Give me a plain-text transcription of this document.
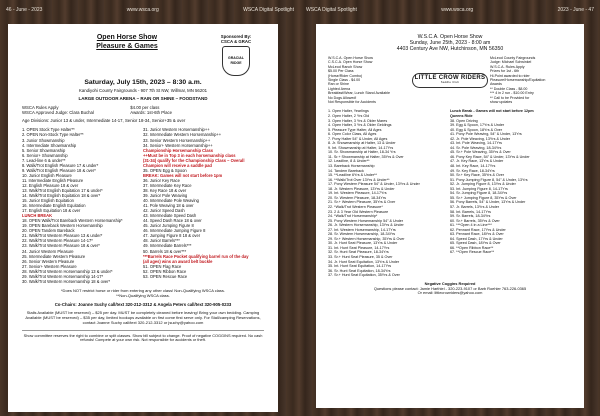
46 - June - 2023	www.wsca.org	WSCA Digital Spotlight WSCA Digital Spotlight	www.wsca.org	2023 - June - 47
Open Horse Show
Pleasure & Games
Sponsored By:
CSCA & GRAC
GRACIAL RIDGE
Saturday, July 15th, 2023 – 8:30 a.m.
Kandiyohi County Fairgrounds - 907 7th St NW, Willmar, MN 56201
LARGE OUTDOOR ARENA – RAIN OR SHINE – FOODSTAND
WSCA Rules Apply
WSCA Approved Judge: Clara Buchal
$4.00 per class
Awards: 1st-6th Place
Age Divisions: Junior 13 & under, Intermediate 14-17, Senior 18-34, Senior+35 & over
1. OPEN Stock Type Halter**
2. OPEN Non-Stock Type Halter**
3. Junior Showmanship
4. Intermediate Showmanship
5. Senior Showmanship
6. Senior+ Showmanship
7. Lead-line 6 & under**
8. Walk/Trot English Pleasure 17 & under*
9. Walk/Trot English Pleasure 18 & over*
10. Junior English Pleasure
11. Intermediate English Pleasure
12. English Pleasure 18 & over
13. Walk/Trot English Equitation 17 & under*
14. Walk/Trot English Equitation 18 & over*
15. Junior English Equitation
16. Intermediate English Equitation
17. English Equitation 18 & over
LUNCH BREAK
18. OPEN Walk/Trot Bareback Western Horsemanship*
19. OPEN Bareback Western Horsemanship
20. OPEN Tandem Bareback
21. Walk/Trot Western Pleasure 13 & under*
22. Walk/Trot Western Pleasure 14-17*
23. Walk/Trot Western Pleasure 18 & over*
24. Junior Western Pleasure
25. Intermediate Western Pleasure
26. Senior Western Pleasure
27. Senior+ Western Pleasure
28. Walk/Trot Western Horsemanship 13 & under*
29. Walk/Trot Western Horsemanship 14-17*
30. Walk/Trot Western Horsemanship 18 & over*
31. Junior Western Horsemanship++
32. Intermediate Western Horsemanship++
33. Senior Western Horsemanship++
34. Senior+ Western Horsemanship++
Championship Horsemanship Class
++Must be in Top 3 in each horsemanship class
(31-34) qualify for the Championship Class – Overall
Champion will receive a saddle pad
35. OPEN Egg & Spoon
BREAK: Games will not start before 1pm
36. Junior Key Race
37. Intermediate Key Race
38. Key Race 18 & over
39. Junior Pole Weaving
40. Intermediate Pole Weaving
41. Pole Weaving 18 & over
42. Junior Speed Dash
43. Intermediate Speed Dash
44. Speed Dash Race 18 & over
45. Junior Jumping Figure 8
46. Intermediate Jumping Figure 8
47. Jumping Figure 8 18 & over
48. Junior Barrels***
49. Intermediate Barrels***
50. Barrels 18 & over***
***Barrels Race Pocket qualifying barrel run of the day
(all ages) wins an award belt buckle
51. OPEN Flag Race
52. OPEN Ribbon Race
53. OPEN Rescue Race
*Does NOT restrict horse or rider from entering any other class! Non-Qualifying WSCA class.
**Non-Qualifying WSCA class.
Co-Chairs: Joanne Suchy call/text 320-212-3312 & Angela Peters call/text 320-905-0233
Stalls Available (MUST be reserved) – $25 per day. MUST be completely cleaned before leaving! Bring your own bedding. Camping Available (MUST be reserved) – $35 per day, limited hookups available on first come first serve only. For Stall/camping Reservations, contact Joanne Suchy call/text 320-212-3312 or jsuchy@yahoo.com
Show committee reserves the right to combine or split classes. Show bill subject to change. Proof of negative COGGINS required. No cash refunds! Compete at your own risk. Not responsible for accidents or theft.
W.S.C.A. Open Horse Show
Sunday, June 25th, 2023 - 8:00 am
4403 Century Ave NW, Hutchinson, MN 56350
W.S.C.A. Open Horse Show
C.S.C.A. Open Horse Show
McLeod Ranch Show
$5.00 Per Class
(Horse/Rider Combo)
Single Class - $4.00
Ran or Shine
Lighted Arena
Breakfast/Wear, Lunch Stand Available
No Dogs Allowed!
Not Responsible for Accidents
LITTLE CROW RIDERS
Saddle Club
McLeod County Fairgrounds
Judge: Michael Schwinkel
W.S.C.A. Rules Apply
Prizes for 1st - 6th
Hi-Point awarded to rider
Pleasure/Horsemanship/Equitation
Awards
** Double Class - $8.00
*** 4 in 2 run - $10.00 Entry
** Call to be Provided for
show updates
1. Open Halter, Yearlings
2. Open Halter, 2 Yrs Old
3. Open Halter, 3 Yrs & Older Mares
4. Open Halter, 3 Yrs & Older Geldings
5. Pleasure Type Halter, All Ages
6. Open Color Class, All Ages
7. Pony Halter 54" & Under, All Ages
8. Jr. Showmanship at Halter, 13 & Under
9. Int. Showmanship at Halter, 14-17Yrs
10. Sr. Showmanship at Halter, 18-34 Yrs
11. Sr.+ Showmanship at Halter, 35Yrs & Over
12. Leadline, 8 & Under**
13. Bareback Horsemanship
14. Tandem Bareback
15. **Leadline 6Yrs & Under**
16. **Walk/Trot Over 13Yrs & Under**
17. Pony Western Pleasure 54" & Under, 13Yrs & Under
18. Jr. Western Pleasure, 13Yrs & Under
19. Int. Western Pleasure, 14-17Yrs
20. Sr. Western Pleasure, 18-34Yrs
21. Sr.+ Western Pleasure, 35Yrs & Over
22. *Walk/Trot Western Pleasure*
23. 2 & 3 Year Old Western Pleasure
24. *Walk/Trot Horsemanship*
25. Pony Western Horsemanship 54" & Under
26. Jr. Western Horsemanship, 13Yrs & Under
27. Int. Western Horsemanship, 14-17Yrs
28. Sr. Western Horsemanship, 18-34Yrs
29. Sr.+ Western Horsemanship, 35Yrs & Over
30. Jr. Hunt Seat Pleasure, 13Yrs & Under
31. Int. Hunt Seat Pleasure, 14-17Yrs
32. Sr. Hunt Seat Pleasure, 18-34Yrs
33. Sr.+ Hunt Seat Pleasure, 35 & Over
34. Jr. Hunt Seat Equitation, 13Yrs & Under
35. Int. Hunt Seat Equitation, 14-17Yrs
36. Sr. Hunt Seat Equitation, 18-34Yrs
37. Sr.+ Hunt Seat Equitation, 35Yrs & Over
Lunch Break - Games will not start before 12pm
Queens Ride
38. Open Driving
39. Egg & Spoon, 17Yrs & Under
40. Egg & Spoon, 18Yrs & Over
41. Pony Pole Weaving, 54" & Under, 13Yrs
42. Jr. Pole Weaving, 13Yrs & Under
43. Int. Pole Weaving, 14-17Yrs
44. Sr. Pole Weaving, 18-34Yrs
45. Sr.+ Pole Weaving, 35Yrs & Over
46. Pony Key Race, 54" & Under, 13Yrs & Under
47. Jr. Key Race, 13Yrs & Under
48. Int. Key Race, 14-17Yrs
49. Sr. Key Race, 18-34Yrs
50. Sr.+ Key Race, 35Yrs & Over
51. Pony Jumping Figure 8, 54" & Under, 13Yrs
52. Jr. Jumping Figure 8, 13Yrs & Under
53. Int. Jumping Figure 8, 14-17Yrs
54. Sr. Jumping Figure 8, 18-34Yrs
55. Sr.+ Jumping Figure 8, 35Yrs & Over
56. Pony Barrels, 54" & Under, 13Yrs & Under
57. Jr. Barrels, 13Yrs & Under
58. Int. Barrels, 14-17Yrs
59. Sr. Barrels, 18-34Yrs
60. Sr.+ Barrels, 35Yrs & Over
61. ***Open 4 in a Line***
62. Pennant Race, 17Yrs & Under
63. Pennant Race, 18Yrs & Over
64. Speed Dash, 17Yrs & Under
65. Speed Dash, 18Yrs & Over
66. **Open Ribbon Race**
67. **Open Rescue Race**
Negative Coggins Required
Questions please contact: Jamie Harthiel - 320-223-9107 or Barb Roehler 763-226-0365
Or email: littlecrowriders@yahoo.com
